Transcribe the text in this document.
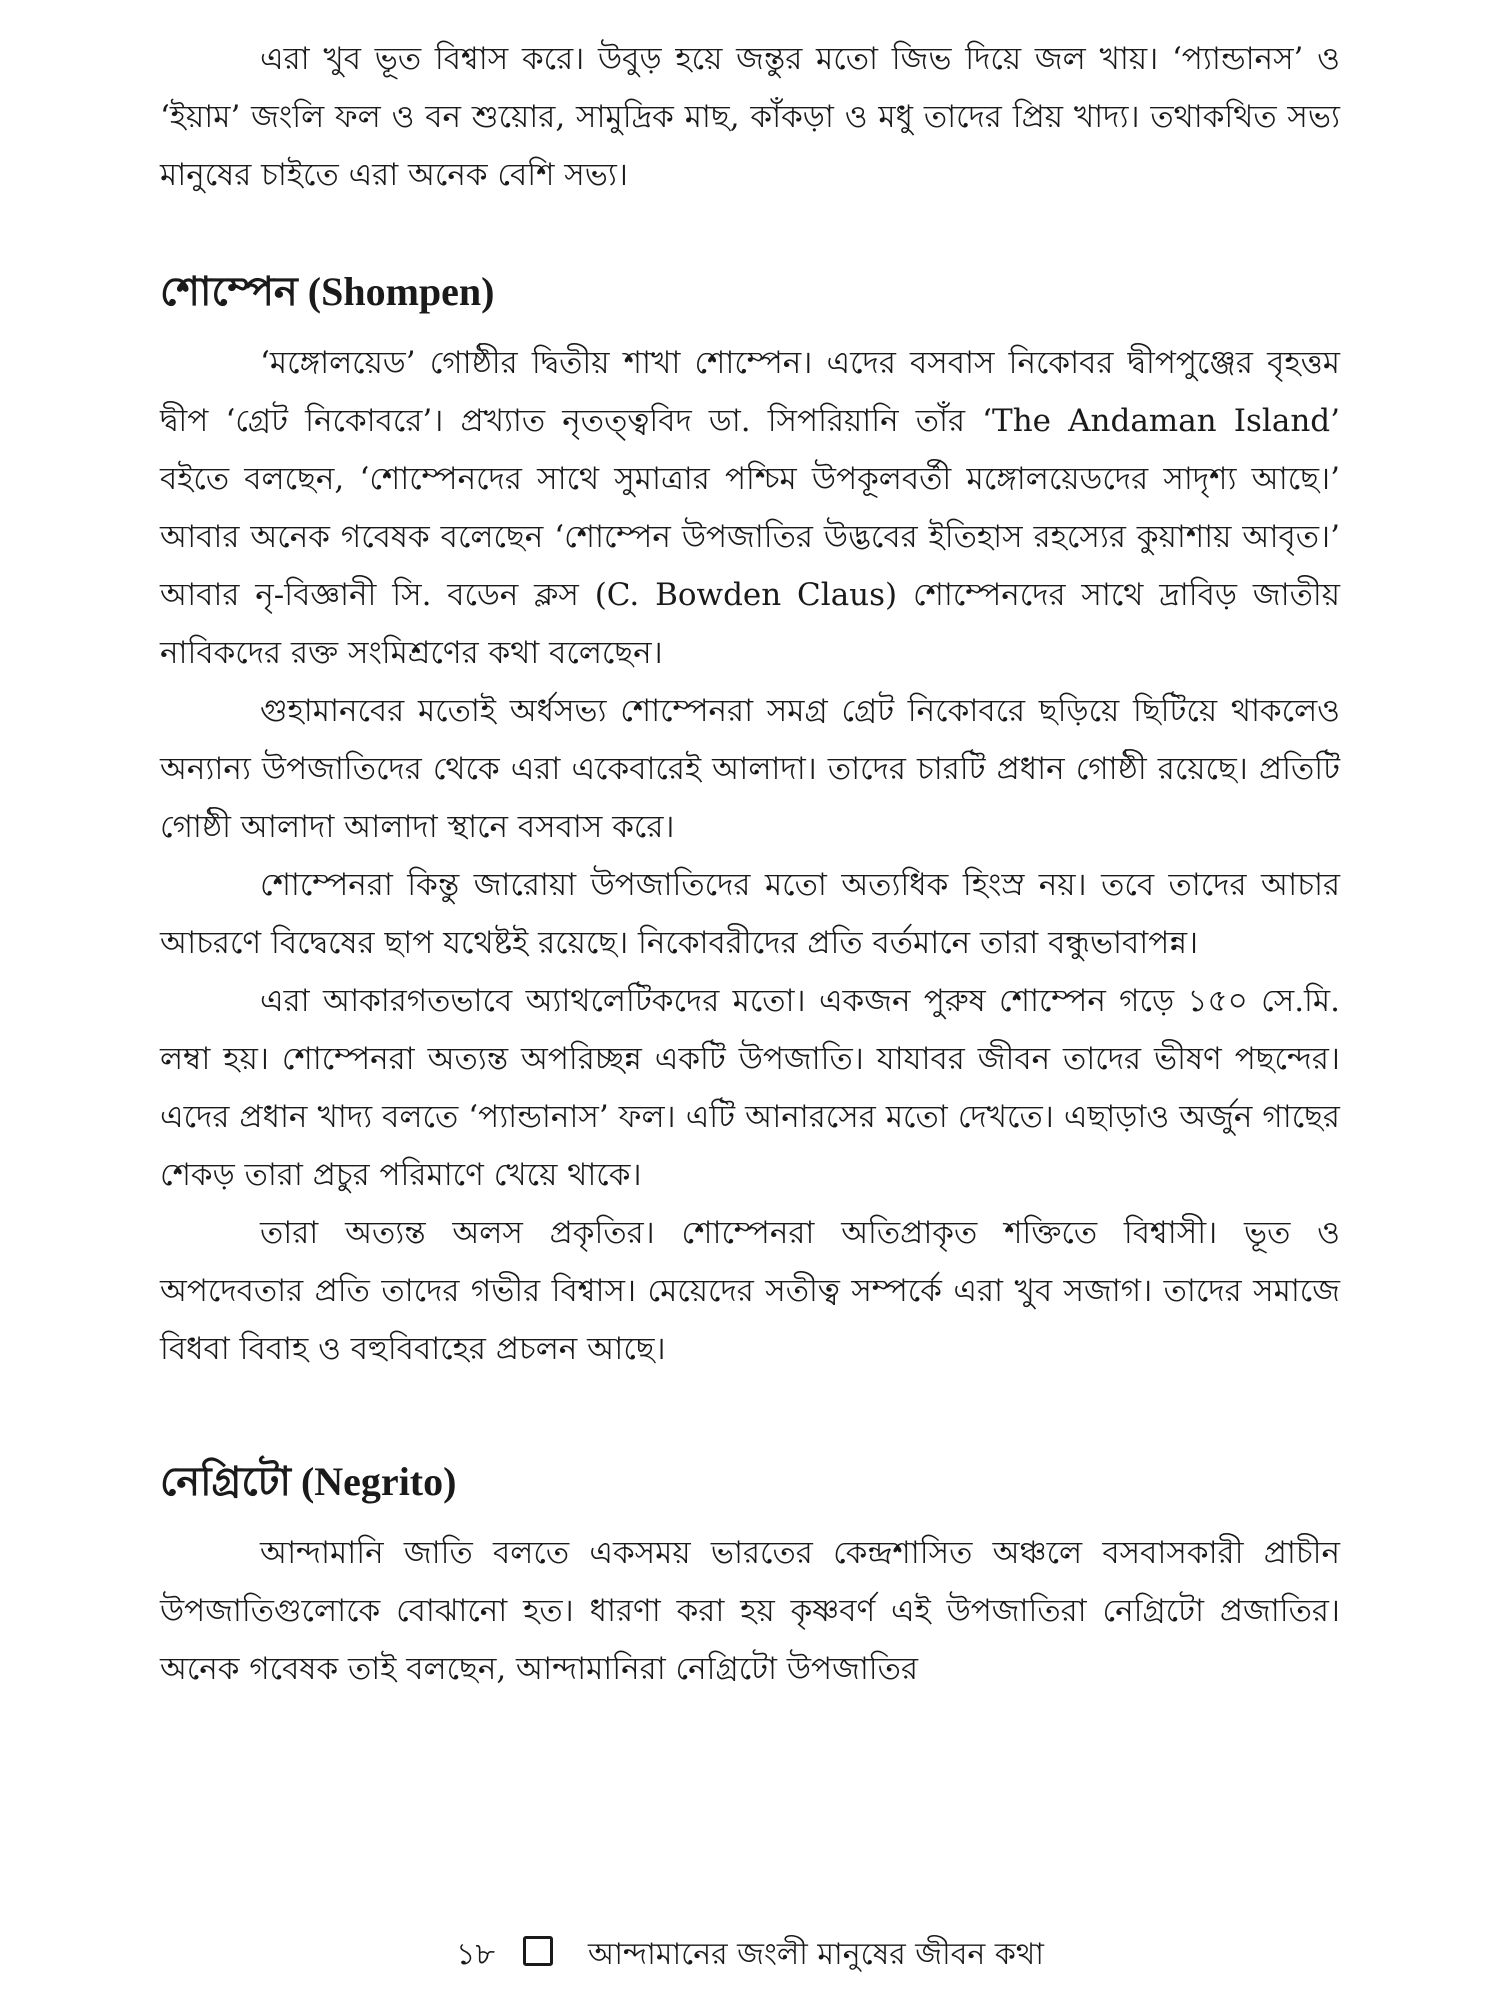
এরা খুব ভূত বিশ্বাস করে। উবুড় হয়ে জন্তুর মতো জিভ দিয়ে জল খায়। ‘প্যান্ডানস’ ও ‘ইয়াম’ জংলি ফল ও বন শুয়োর, সামুদ্রিক মাছ, কাঁকড়া ও মধু তাদের প্রিয় খাদ্য। তথাকথিত সভ্য মানুষের চাইতে এরা অনেক বেশি সভ্য।

শোম্পেন (Shompen)

‘মঙ্গোলয়েড’ গোষ্ঠীর দ্বিতীয় শাখা শোম্পেন। এদের বসবাস নিকোবর দ্বীপপুঞ্জের বৃহত্তম দ্বীপ ‘গ্রেট নিকোবরে’। প্রখ্যাত নৃতত্ত্ববিদ ডা. সিপরিয়ানি তাঁর ‘The Andaman Island’ বইতে বলছেন, ‘শোম্পেনদের সাথে সুমাত্রার পশ্চিম উপকূলবর্তী মঙ্গোলয়েডদের সাদৃশ্য আছে।’ আবার অনেক গবেষক বলেছেন ‘শোম্পেন উপজাতির উদ্ভবের ইতিহাস রহস্যের কুয়াশায় আবৃত।’ আবার নৃ-বিজ্ঞানী সি. বডেন ক্লস (C. Bowden Claus) শোম্পেনদের সাথে দ্রাবিড় জাতীয় নাবিকদের রক্ত সংমিশ্রণের কথা বলেছেন।

গুহামানবের মতোই অর্ধসভ্য শোম্পেনরা সমগ্র গ্রেট নিকোবরে ছড়িয়ে ছিটিয়ে থাকলেও অন্যান্য উপজাতিদের থেকে এরা একেবারেই আলাদা। তাদের চারটি প্রধান গোষ্ঠী রয়েছে। প্রতিটি গোষ্ঠী আলাদা আলাদা স্থানে বসবাস করে।

শোম্পেনরা কিন্তু জারোয়া উপজাতিদের মতো অত্যধিক হিংস্র নয়। তবে তাদের আচার আচরণে বিদ্বেষের ছাপ যথেষ্টই রয়েছে। নিকোবরীদের প্রতি বর্তমানে তারা বন্ধুভাবাপন্ন।

এরা আকারগতভাবে অ্যাথলেটিকদের মতো। একজন পুরুষ শোম্পেন গড়ে ১৫০ সে.মি. লম্বা হয়। শোম্পেনরা অত্যন্ত অপরিচ্ছন্ন একটি উপজাতি। যাযাবর জীবন তাদের ভীষণ পছন্দের। এদের প্রধান খাদ্য বলতে ‘প্যান্ডানাস’ ফল। এটি আনারসের মতো দেখতে। এছাড়াও অর্জুন গাছের শেকড় তারা প্রচুর পরিমাণে খেয়ে থাকে।

তারা অত্যন্ত অলস প্রকৃতির। শোম্পেনরা অতিপ্রাকৃত শক্তিতে বিশ্বাসী। ভূত ও অপদেবতার প্রতি তাদের গভীর বিশ্বাস। মেয়েদের সতীত্ব সম্পর্কে এরা খুব সজাগ। তাদের সমাজে বিধবা বিবাহ ও বহুবিবাহের প্রচলন আছে।

নেগ্রিটো (Negrito)

আন্দামানি জাতি বলতে একসময় ভারতের কেন্দ্রশাসিত অঞ্চলে বসবাসকারী প্রাচীন উপজাতিগুলোকে বোঝানো হত। ধারণা করা হয় কৃষ্ণবর্ণ এই উপজাতিরা নেগ্রিটো প্রজাতির। অনেক গবেষক তাই বলছেন, আন্দামানিরা নেগ্রিটো উপজাতির

১৮	আন্দামানের জংলী মানুষের জীবন কথা
